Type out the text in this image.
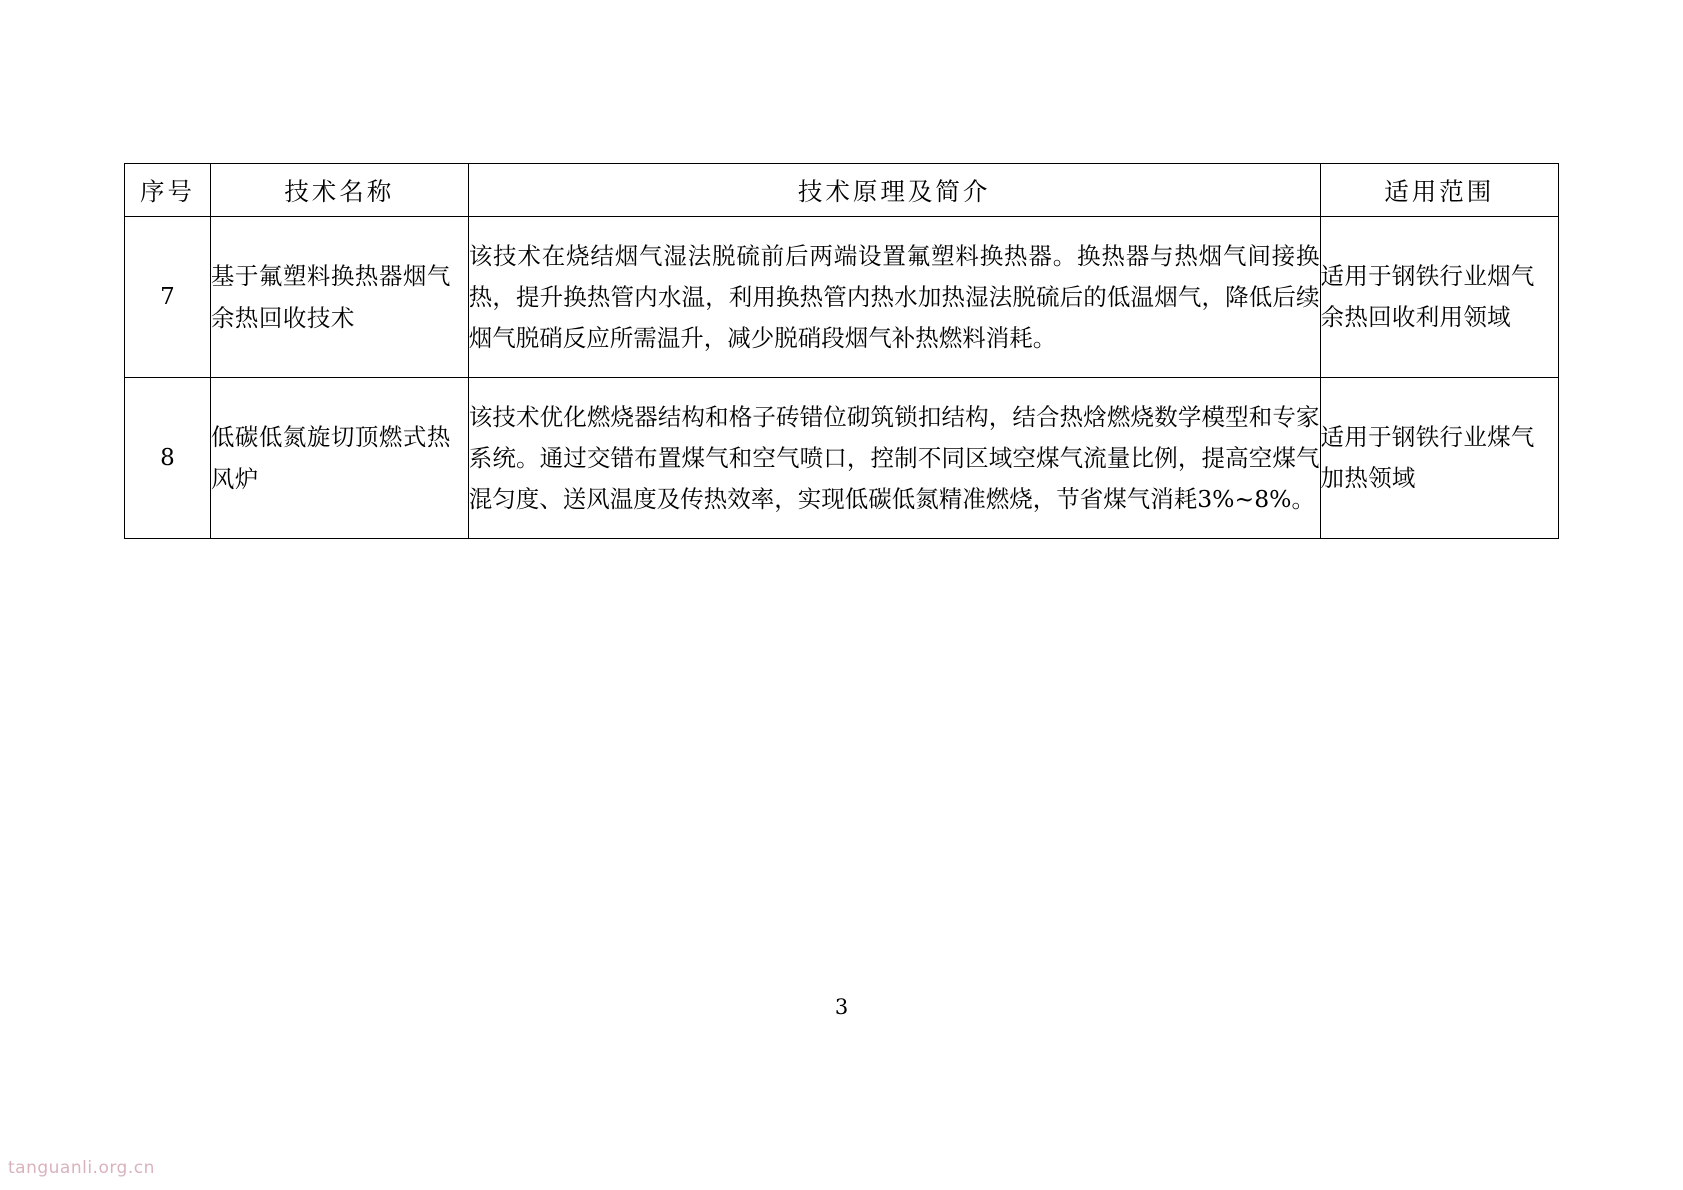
序号	技术名称	技术原理及简介	适用范围
7	基于氟塑料换热器烟气余热回收技术	该技术在烧结烟气湿法脱硫前后两端设置氟塑料换热器。换热器与热烟气间接换热，提升换热管内水温，利用换热管内热水加热湿法脱硫后的低温烟气，降低后续烟气脱硝反应所需温升，减少脱硝段烟气补热燃料消耗。	适用于钢铁行业烟气余热回收利用领域
8	低碳低氮旋切顶燃式热风炉	该技术优化燃烧器结构和格子砖错位砌筑锁扣结构，结合热焓燃烧数学模型和专家系统。通过交错布置煤气和空气喷口，控制不同区域空煤气流量比例，提高空煤气混匀度、送风温度及传热效率，实现低碳低氮精准燃烧，节省煤气消耗3%~8%。	适用于钢铁行业煤气加热领域
3
tanguanli.org.cn
